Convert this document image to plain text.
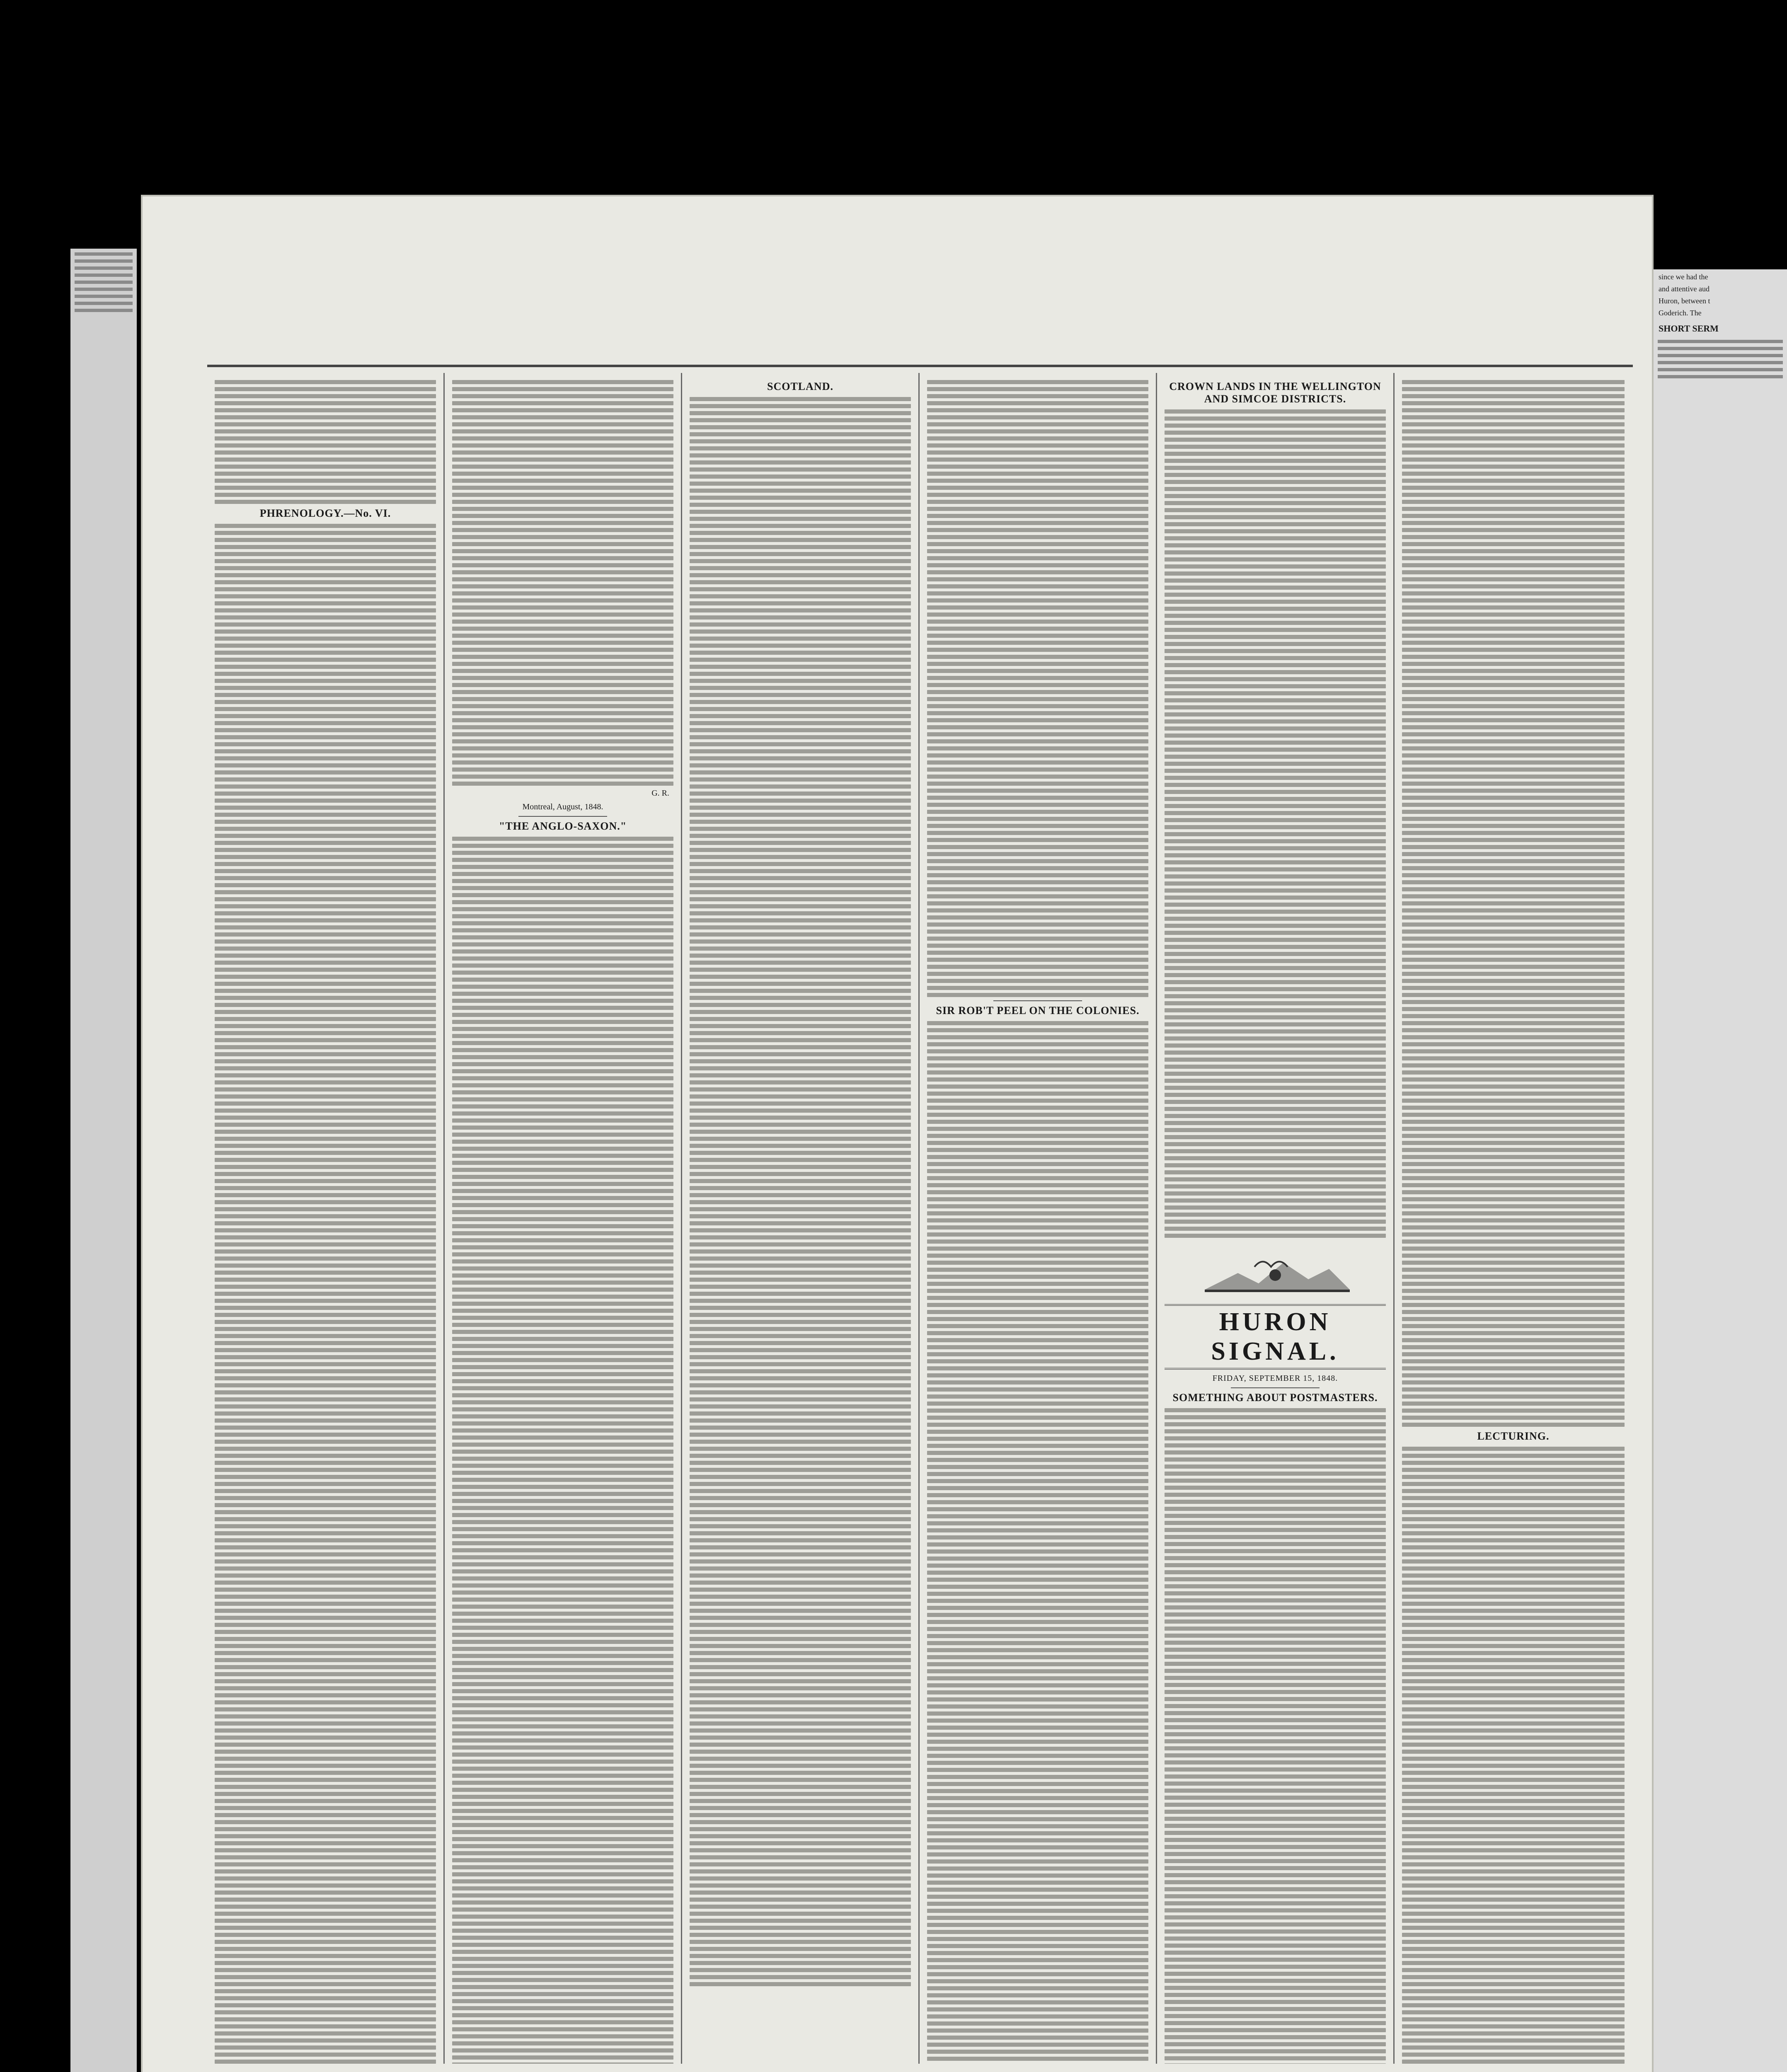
since we had the
and attentive aud
Huron, between t
Goderich. The
SHORT SERM
PHRENOLOGY.—No. VI.
G. R.
Montreal, August, 1848.
"THE ANGLO-SAXON."
SCOTLAND.
SIR ROB'T PEEL ON THE COLONIES.
CROWN LANDS IN THE WELLINGTON AND SIMCOE DISTRICTS.
HURON SIGNAL.
FRIDAY, SEPTEMBER 15, 1848.
SOMETHING ABOUT POSTMASTERS.
LECTURING.
